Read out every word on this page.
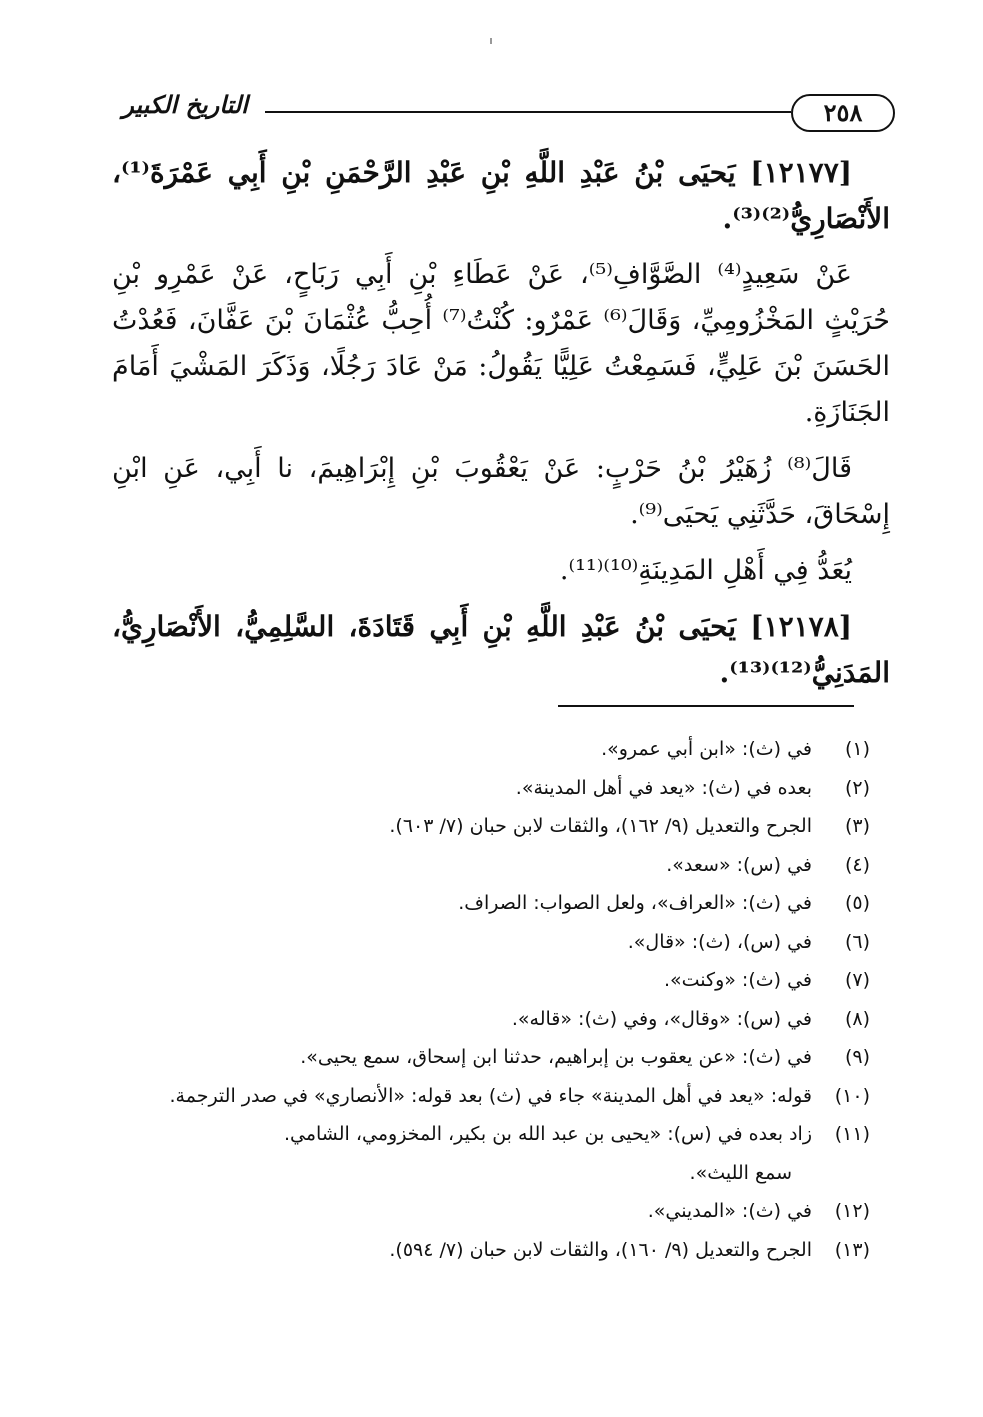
٢٥٨
التاريخ الكبير

[١٢١٧٧] يَحيَى بْنُ عَبْدِ اللَّهِ بْنِ عَبْدِ الرَّحْمَنِ بْنِ أَبِي عَمْرَةَ⁽¹⁾، الأَنْصَارِيُّ⁽²⁾⁽³⁾.

عَنْ سَعِيدٍ⁽⁴⁾ الصَّوَّافِ⁽⁵⁾، عَنْ عَطَاءِ بْنِ أَبِي رَبَاحٍ، عَنْ عَمْرِو بْنِ حُرَيْثٍ المَخْزُومِيِّ، وَقَالَ⁽⁶⁾ عَمْرٌو: كُنْتُ⁽⁷⁾ أُحِبُّ عُثْمَانَ بْنَ عَفَّانَ، فَعُدْتُ الحَسَنَ بْنَ عَلِيٍّ، فَسَمِعْتُ عَلِيًّا يَقُولُ: مَنْ عَادَ رَجُلًا، وَذَكَرَ المَشْيَ أَمَامَ الجَنَازَةِ.

قَالَ⁽⁸⁾ زُهَيْرُ بْنُ حَرْبٍ: عَنْ يَعْقُوبَ بْنِ إِبْرَاهِيمَ، نا أَبِي، عَنِ ابْنِ إِسْحَاقَ، حَدَّثَنِي يَحيَى⁽⁹⁾.

يُعَدُّ فِي أَهْلِ المَدِينَةِ⁽¹⁰⁾⁽¹¹⁾.

[١٢١٧٨] يَحيَى بْنُ عَبْدِ اللَّهِ بْنِ أَبِي قَتَادَةَ، السَّلِمِيُّ، الأَنْصَارِيُّ، المَدَنِيُّ⁽¹²⁾⁽¹³⁾.

(١)
في (ث): «ابن أبي عمرو».
(٢)
بعده في (ث): «يعد في أهل المدينة».
(٣)
الجرح والتعديل (٩/ ١٦٢)، والثقات لابن حبان (٧/ ٦٠٣).
(٤)
في (س): «سعد».
(٥)
في (ث): «العراف»، ولعل الصواب: الصراف.
(٦)
في (س)، (ث): «قال».
(٧)
في (ث): «وكنت».
(٨)
في (س): «وقال»، وفي (ث): «قاله».
(٩)
في (ث): «عن يعقوب بن إبراهيم، حدثنا ابن إسحاق، سمع يحيى».
(١٠)
قوله: «يعد في أهل المدينة» جاء في (ث) بعد قوله: «الأنصاري» في صدر الترجمة.
(١١)
زاد بعده في (س): «يحيى بن عبد الله بن بكير، المخزومي، الشامي.
سمع الليث».
(١٢)
في (ث): «المديني».
(١٣)
الجرح والتعديل (٩/ ١٦٠)، والثقات لابن حبان (٧/ ٥٩٤).
